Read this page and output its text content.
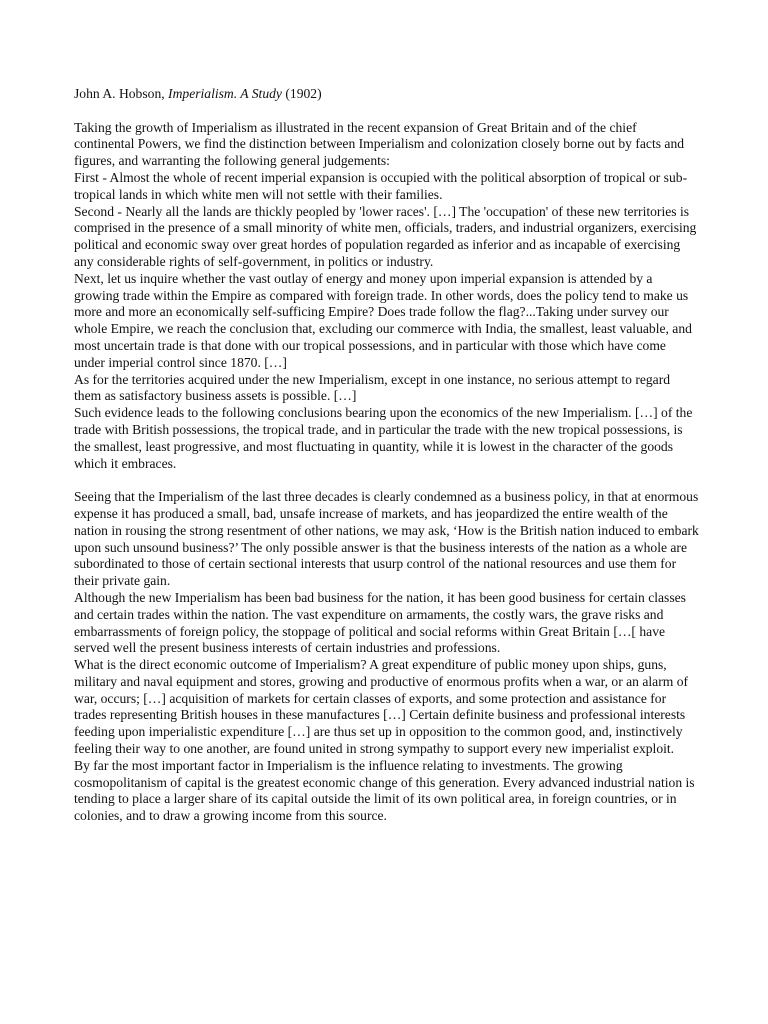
John A. Hobson, Imperialism. A Study (1902)

Taking the growth of Imperialism as illustrated in the recent expansion of Great Britain and of the chief continental Powers, we find the distinction between Imperialism and colonization closely borne out by facts and figures, and warranting the following general judgements:

First - Almost the whole of recent imperial expansion is occupied with the political absorption of tropical or sub-tropical lands in which white men will not settle with their families.

Second - Nearly all the lands are thickly peopled by 'lower races'. […] The 'occupation' of these new territories is comprised in the presence of a small minority of white men, officials, traders, and industrial organizers, exercising political and economic sway over great hordes of population regarded as inferior and as incapable of exercising any considerable rights of self-government, in politics or industry.

Next, let us inquire whether the vast outlay of energy and money upon imperial expansion is attended by a growing trade within the Empire as compared with foreign trade. In other words, does the policy tend to make us more and more an economically self-sufficing Empire? Does trade follow the flag?...Taking under survey our whole Empire, we reach the conclusion that, excluding our commerce with India, the smallest, least valuable, and most uncertain trade is that done with our tropical possessions, and in particular with those which have come under imperial control since 1870. […]

As for the territories acquired under the new Imperialism, except in one instance, no serious attempt to regard them as satisfactory business assets is possible. […]

Such evidence leads to the following conclusions bearing upon the economics of the new Imperialism. […] of the trade with British possessions, the tropical trade, and in particular the trade with the new tropical possessions, is the smallest, least progressive, and most fluctuating in quantity, while it is lowest in the character of the goods which it embraces.

Seeing that the Imperialism of the last three decades is clearly condemned as a business policy, in that at enormous expense it has produced a small, bad, unsafe increase of markets, and has jeopardized the entire wealth of the nation in rousing the strong resentment of other nations, we may ask, ‘How is the British nation induced to embark upon such unsound business?’ The only possible answer is that the business interests of the nation as a whole are subordinated to those of certain sectional interests that usurp control of the national resources and use them for their private gain.

Although the new Imperialism has been bad business for the nation, it has been good business for certain classes and certain trades within the nation. The vast expenditure on armaments, the costly wars, the grave risks and embarrassments of foreign policy, the stoppage of political and social reforms within Great Britain […[ have served well the present business interests of certain industries and professions.

What is the direct economic outcome of Imperialism? A great expenditure of public money upon ships, guns, military and naval equipment and stores, growing and productive of enormous profits when a war, or an alarm of war, occurs; […] acquisition of markets for certain classes of exports, and some protection and assistance for trades representing British houses in these manufactures […] Certain definite business and professional interests feeding upon imperialistic expenditure […] are thus set up in opposition to the common good, and, instinctively feeling their way to one another, are found united in strong sympathy to support every new imperialist exploit.

By far the most important factor in Imperialism is the influence relating to investments. The growing cosmopolitanism of capital is the greatest economic change of this generation. Every advanced industrial nation is tending to place a larger share of its capital outside the limit of its own political area, in foreign countries, or in colonies, and to draw a growing income from this source.
